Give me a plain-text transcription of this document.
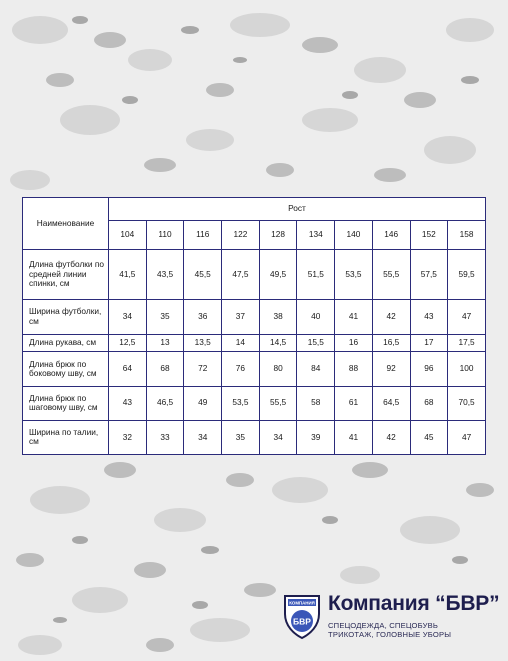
Наименование	Рост									
	104	110	116	122	128	134	140	146	152	158
Длина футболки по средней линии спинки, см	41,5	43,5	45,5	47,5	49,5	51,5	53,5	55,5	57,5	59,5
Ширина футболки, см	34	35	36	37	38	40	41	42	43	47
Длина рукава, см	12,5	13	13,5	14	14,5	15,5	16	16,5	17	17,5
Длина брюк по боковому шву, см	64	68	72	76	80	84	88	92	96	100
Длина брюк по шаговому шву, см	43	46,5	49	53,5	55,5	58	61	64,5	68	70,5
Ширина по талии, см	32	33	34	35	34	39	41	42	45	47
КОМПАНИЯ
БВР
Компания “БВР”
СПЕЦОДЕЖДА, СПЕЦОБУВЬ
ТРИКОТАЖ, ГОЛОВНЫЕ УБОРЫ
